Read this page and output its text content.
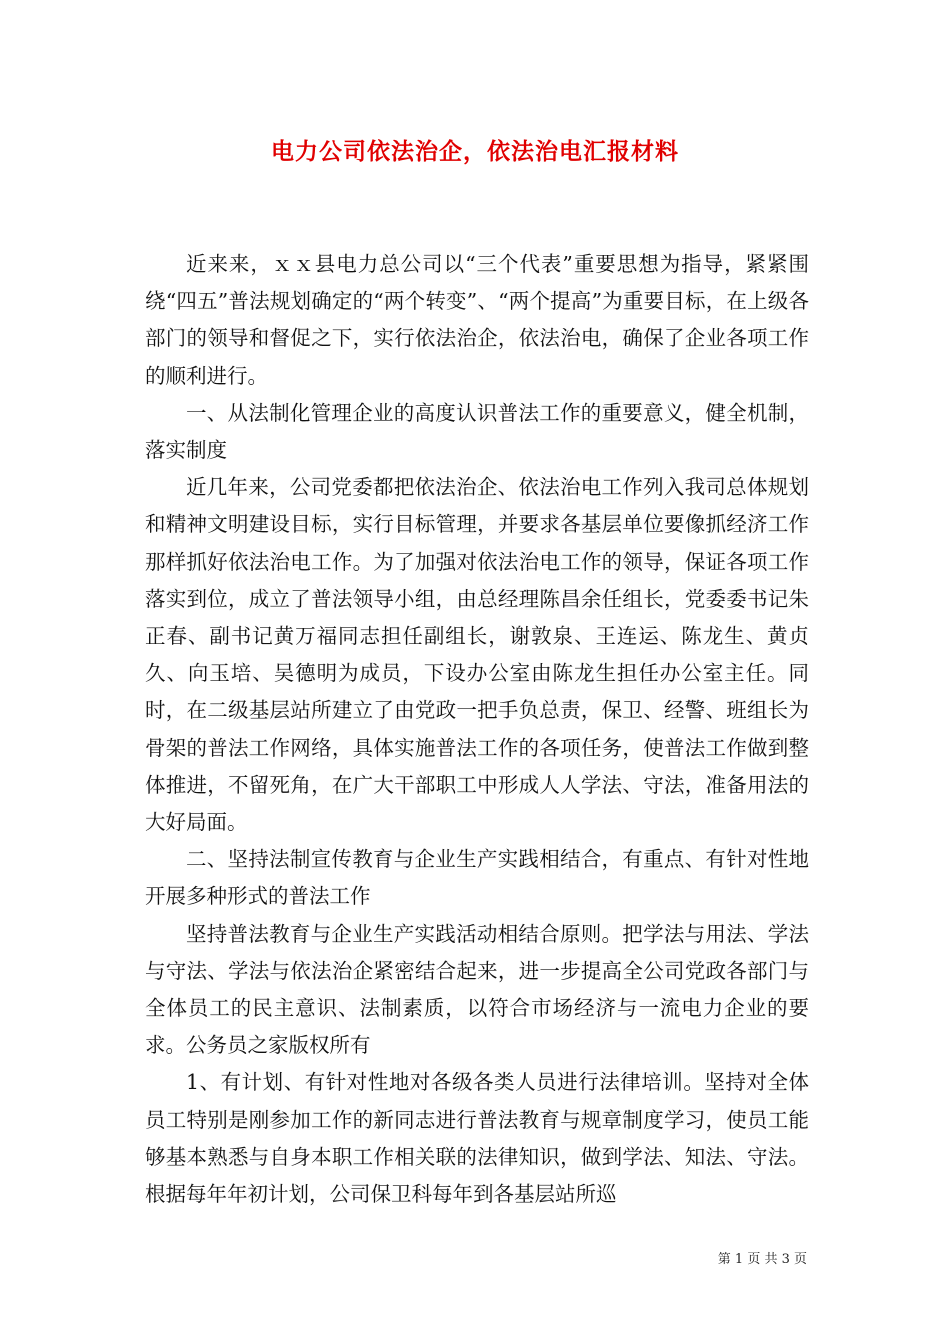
电力公司依法治企，依法治电汇报材料

近来来，ｘｘ县电力总公司以“三个代表”重要思想为指导，紧紧围绕“四五”普法规划确定的“两个转变”、“两个提高”为重要目标，在上级各部门的领导和督促之下，实行依法治企，依法治电，确保了企业各项工作的顺利进行。

一、从法制化管理企业的高度认识普法工作的重要意义，健全机制，落实制度

近几年来，公司党委都把依法治企、依法治电工作列入我司总体规划和精神文明建设目标，实行目标管理，并要求各基层单位要像抓经济工作那样抓好依法治电工作。为了加强对依法治电工作的领导，保证各项工作落实到位，成立了普法领导小组，由总经理陈昌余任组长，党委委书记朱正春、副书记黄万福同志担任副组长，谢敦泉、王连运、陈龙生、黄贞久、向玉培、吴德明为成员，下设办公室由陈龙生担任办公室主任。同时，在二级基层站所建立了由党政一把手负总责，保卫、经警、班组长为骨架的普法工作网络，具体实施普法工作的各项任务，使普法工作做到整体推进，不留死角，在广大干部职工中形成人人学法、守法，准备用法的大好局面。

二、坚持法制宣传教育与企业生产实践相结合，有重点、有针对性地开展多种形式的普法工作

坚持普法教育与企业生产实践活动相结合原则。把学法与用法、学法与守法、学法与依法治企紧密结合起来，进一步提高全公司党政各部门与全体员工的民主意识、法制素质，以符合市场经济与一流电力企业的要求。公务员之家版权所有

1、有计划、有针对性地对各级各类人员进行法律培训。坚持对全体员工特别是刚参加工作的新同志进行普法教育与规章制度学习，使员工能够基本熟悉与自身本职工作相关联的法律知识，做到学法、知法、守法。根据每年年初计划，公司保卫科每年到各基层站所巡

第 1 页 共 3 页
